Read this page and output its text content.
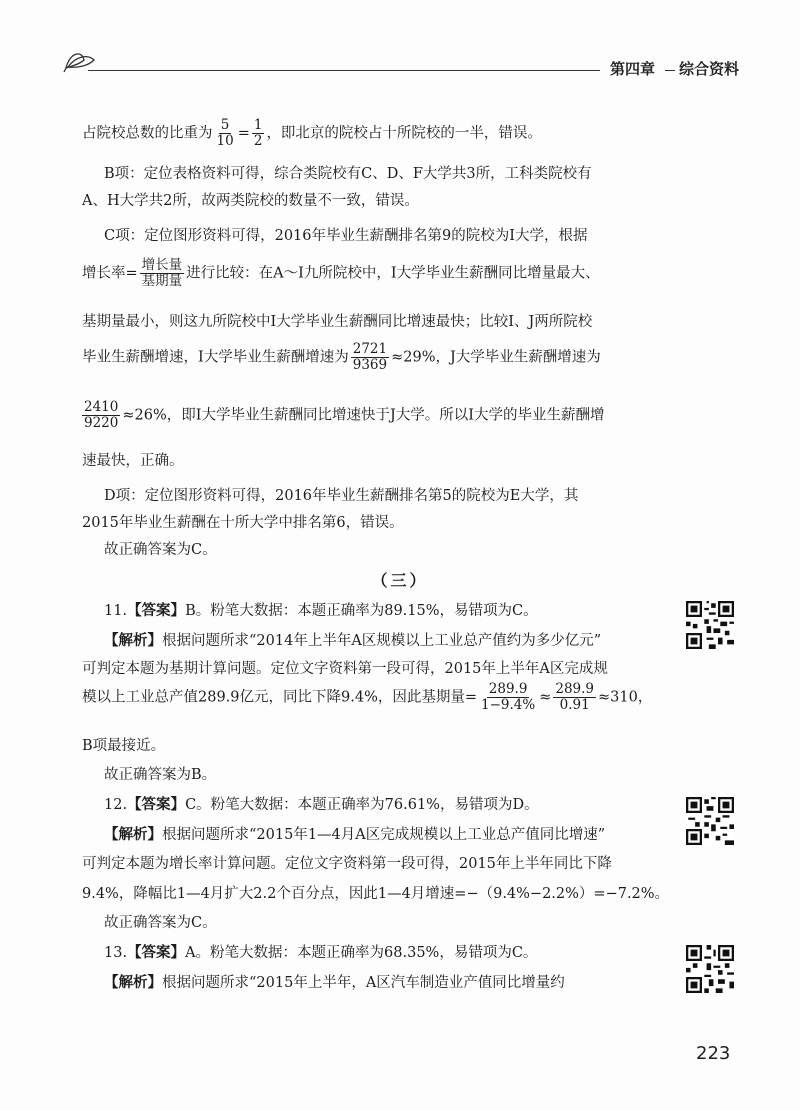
第四章	综合资料
占院校总数的比重为 $\frac{5}{10} = \frac{1}{2}$ ，即北京的院校占十所院校的一半，错误。
B项：定位表格资料可得，综合类院校有C、D、F大学共3所，工科类院校有
A、H大学共2所，故两类院校的数量不一致，错误。
C项：定位图形资料可得，2016年毕业生薪酬排名第9的院校为I大学，根据
增长率= $\frac{\text{增长量}}{\text{基期量}}$ 进行比较：在A～I九所院校中，I大学毕业生薪酬同比增量最大、
基期量最小，则这九所院校中I大学毕业生薪酬同比增速最快；比较I、J两所院校
毕业生薪酬增速，I大学毕业生薪酬增速为 $\frac{2721}{9369} \approx 29\%$，J大学毕业生薪酬增速为
$\frac{2410}{9220} \approx 26\%$，即I大学毕业生薪酬同比增速快于J大学。所以I大学的毕业生薪酬增
速最快，正确。
D项：定位图形资料可得，2016年毕业生薪酬排名第5的院校为E大学，其
2015年毕业生薪酬在十所大学中排名第6，错误。
故正确答案为C。
（三）
11.【答案】B。粉笔大数据：本题正确率为89.15%，易错项为C。
【解析】根据问题所求“2014年上半年A区规模以上工业总产值约为多少亿元”
可判定本题为基期计算问题。定位文字资料第一段可得，2015年上半年A区完成规
模以上工业总产值289.9亿元，同比下降9.4%，因此基期量= $\frac{289.9}{1-9.4\%} \approx \frac{289.9}{0.91} \approx 310$，
B项最接近。
故正确答案为B。
12.【答案】C。粉笔大数据：本题正确率为76.61%，易错项为D。
【解析】根据问题所求“2015年1—4月A区完成规模以上工业总产值同比增速”
可判定本题为增长率计算问题。定位文字资料第一段可得，2015年上半年同比下降
9.4%，降幅比1—4月扩大2.2个百分点，因此1—4月增速=−（9.4%−2.2%）=−7.2%。
故正确答案为C。
13.【答案】A。粉笔大数据：本题正确率为68.35%，易错项为C。
【解析】根据问题所求“2015年上半年，A区汽车制造业产值同比增量约
223
